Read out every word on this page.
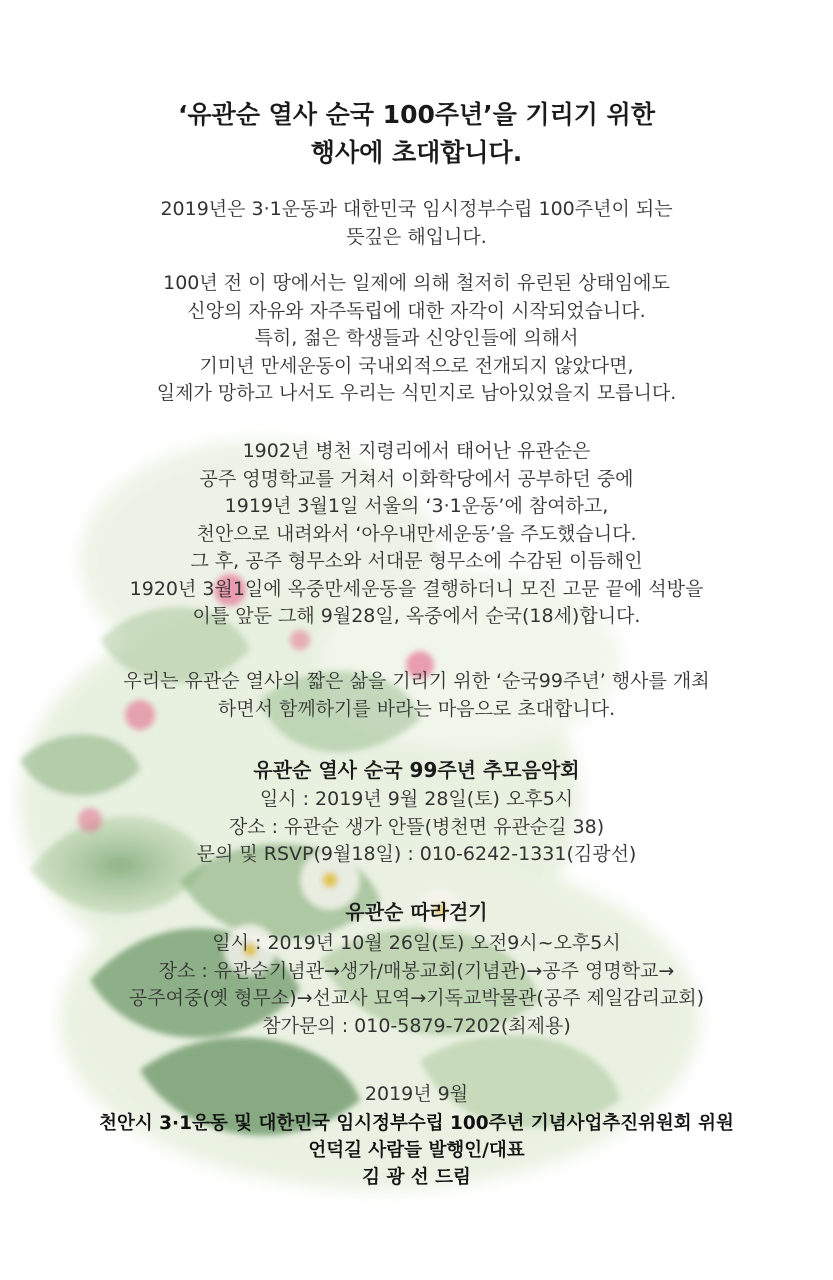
‘유관순 열사 순국 100주년’을 기리기 위한
행사에 초대합니다.

2019년은 3·1운동과 대한민국 임시정부수립 100주년이 되는
뜻깊은 해입니다.

100년 전 이 땅에서는 일제에 의해 철저히 유린된 상태임에도
신앙의 자유와 자주독립에 대한 자각이 시작되었습니다.
특히, 젊은 학생들과 신앙인들에 의해서
기미년 만세운동이 국내외적으로 전개되지 않았다면,
일제가 망하고 나서도 우리는 식민지로 남아있었을지 모릅니다.

1902년 병천 지령리에서 태어난 유관순은
공주 영명학교를 거쳐서 이화학당에서 공부하던 중에
1919년 3월1일 서울의 ‘3·1운동’에 참여하고,
천안으로 내려와서 ‘아우내만세운동’을 주도했습니다.
그 후, 공주 형무소와 서대문 형무소에 수감된 이듬해인
1920년 3월1일에 옥중만세운동을 결행하더니 모진 고문 끝에 석방을
이틀 앞둔 그해 9월28일, 옥중에서 순국(18세)합니다.

우리는 유관순 열사의 짧은 삶을 기리기 위한 ‘순국99주년’ 행사를 개최
하면서 함께하기를 바라는 마음으로 초대합니다.

유관순 열사 순국 99주년 추모음악회

일시 : 2019년 9월 28일(토) 오후5시
장소 : 유관순 생가 안뜰(병천면 유관순길 38)
문의 및 RSVP(9월18일) : 010-6242-1331(김광선)

유관순 따라걷기

일시 : 2019년 10월 26일(토) 오전9시~오후5시
장소 : 유관순기념관→생가/매봉교회(기념관)→공주 영명학교→
공주여중(옛 형무소)→선교사 묘역→기독교박물관(공주 제일감리교회)
참가문의 : 010-5879-7202(최제용)

2019년 9월
천안시 3·1운동 및 대한민국 임시정부수립 100주년 기념사업추진위원회 위원
언덕길 사람들 발행인/대표
김 광 선 드림
